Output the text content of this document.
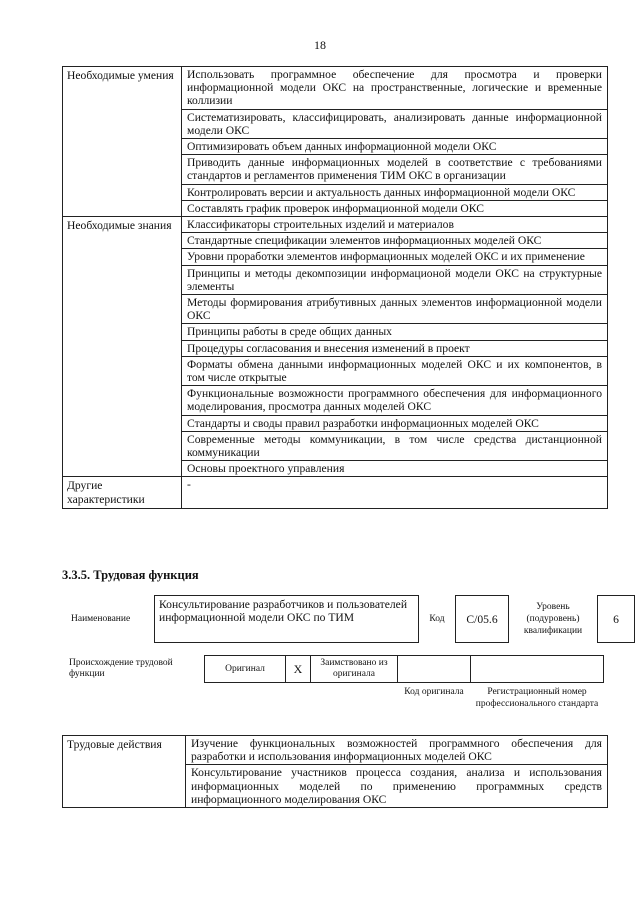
18
Необходимые умения	Использовать программное обеспечение для просмотра и проверки информационной модели ОКС на пространственные, логические и временные коллизии
	Систематизировать, классифицировать, анализировать данные информационной модели ОКС
	Оптимизировать объем данных информационной модели ОКС
	Приводить данные информационных моделей в соответствие с требованиями стандартов и регламентов применения ТИМ ОКС в организации
	Контролировать версии и актуальность данных информационной модели ОКС
	Составлять график проверок информационной модели ОКС
Необходимые знания	Классификаторы строительных изделий и материалов
	Стандартные спецификации элементов информационных моделей ОКС
	Уровни проработки элементов информационных моделей ОКС и их применение
	Принципы и методы декомпозиции информационой модели ОКС на структурные элементы
	Методы формирования атрибутивных данных элементов информационной модели ОКС
	Принципы работы в среде общих данных
	Процедуры согласования и внесения изменений в проект
	Форматы обмена данными информационных моделей ОКС и их компонентов, в том числе открытые
	Функциональные возможности программного обеспечения для информационного моделирования, просмотра данных моделей ОКС
	Стандарты и своды правил разработки информационных моделей ОКС
	Современные методы коммуникации, в том числе средства дистанционной коммуникации
	Основы проектного управления
Другие характеристики	-
3.3.5. Трудовая функция
Наименование	Консультирование разработчиков и пользователей информационной модели ОКС по ТИМ	Код	C/05.6	Уровень (подуровень) квалификации	6
Происхождение трудовой функции	Оригинал	X	Заимствовано из оригинала		
				Код оригинала	Регистрационный номер профессионального стандарта
Трудовые действия	Изучение функциональных возможностей программного обеспечения для разработки и использования информационных моделей ОКС
Консультирование участников процесса создания, анализа и использования информационных моделей по применению программных средств информационного моделирования ОКС
